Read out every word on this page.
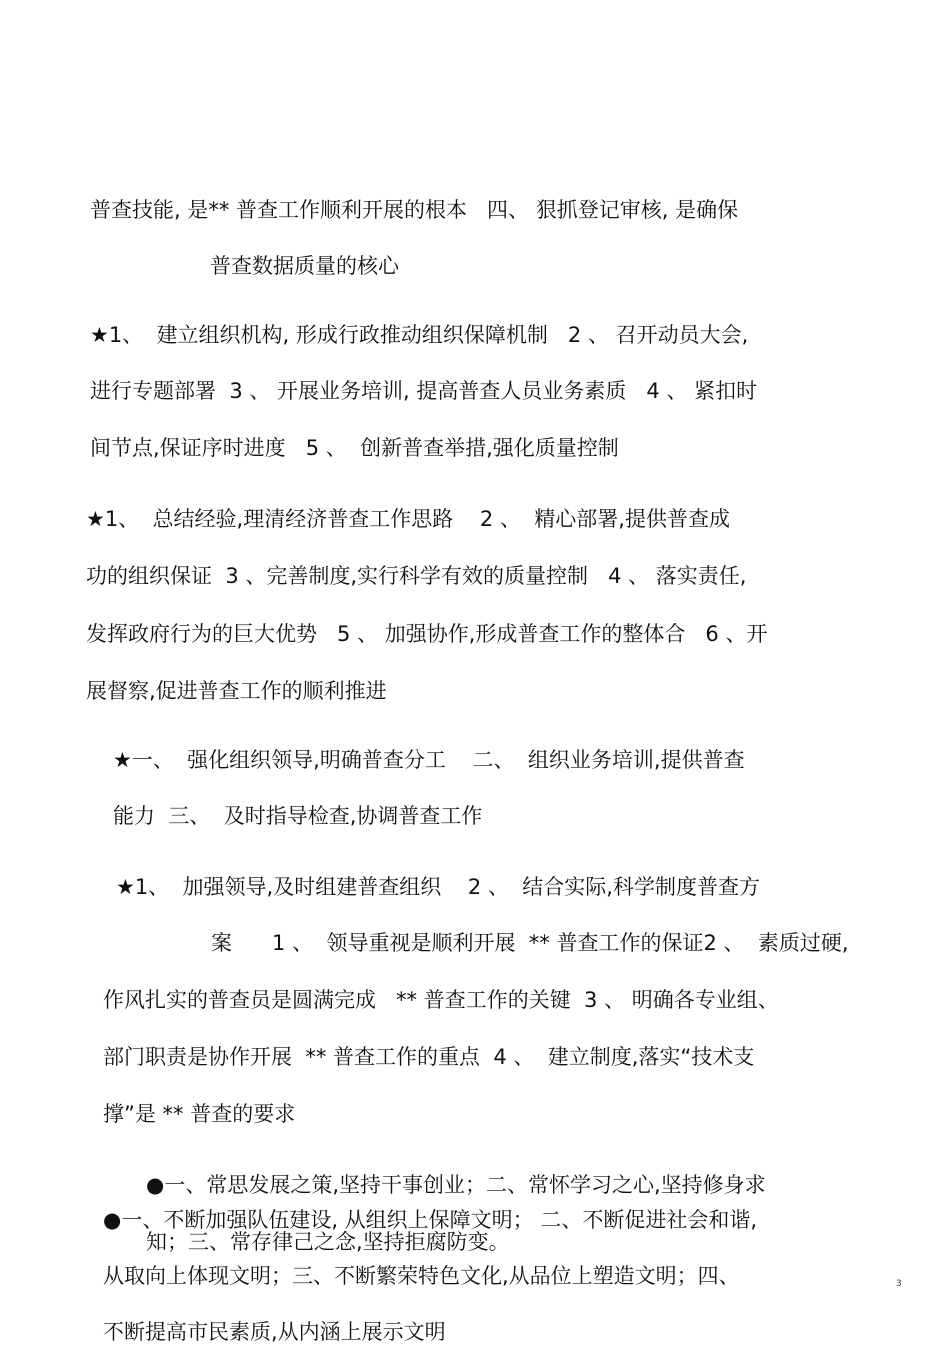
普查技能, 是** 普查工作顺利开展的根本   四、 狠抓登记审核, 是确保
普查数据质量的核心
★1、  建立组织机构, 形成行政推动组织保障机制   2 、 召开动员大会,
进行专题部署  3 、 开展业务培训, 提高普查人员业务素质   4 、 紧扣时
间节点,保证序时进度   5 、  创新普查举措,强化质量控制
★1、  总结经验,理清经济普查工作思路    2 、  精心部署,提供普查成
功的组织保证  3 、完善制度,实行科学有效的质量控制   4 、 落实责任,
发挥政府行为的巨大优势   5 、 加强协作,形成普查工作的整体合   6 、开
展督察,促进普查工作的顺利推进
★一、  强化组织领导,明确普查分工    二、  组织业务培训,提供普查
能力  三、  及时指导检查,协调普查工作
★1、  加强领导,及时组建普查组织    2 、  结合实际,科学制度普查方
案      1 、  领导重视是顺利开展  ** 普查工作的保证2 、  素质过硬,
作风扎实的普查员是圆满完成   ** 普查工作的关键  3 、 明确各专业组、
部门职责是协作开展  ** 普查工作的重点  4 、  建立制度,落实“技术支
撑”是 ** 普查的要求
●一、常思发展之策,坚持干事创业；二、常怀学习之心,坚持修身求
●一、不断加强队伍建设, 从组织上保障文明； 二、不断促进社会和谐,
知；三、常存律己之念,坚持拒腐防变。
从取向上体现文明；三、不断繁荣特色文化,从品位上塑造文明；四、
不断提高市民素质,从内涵上展示文明
3
